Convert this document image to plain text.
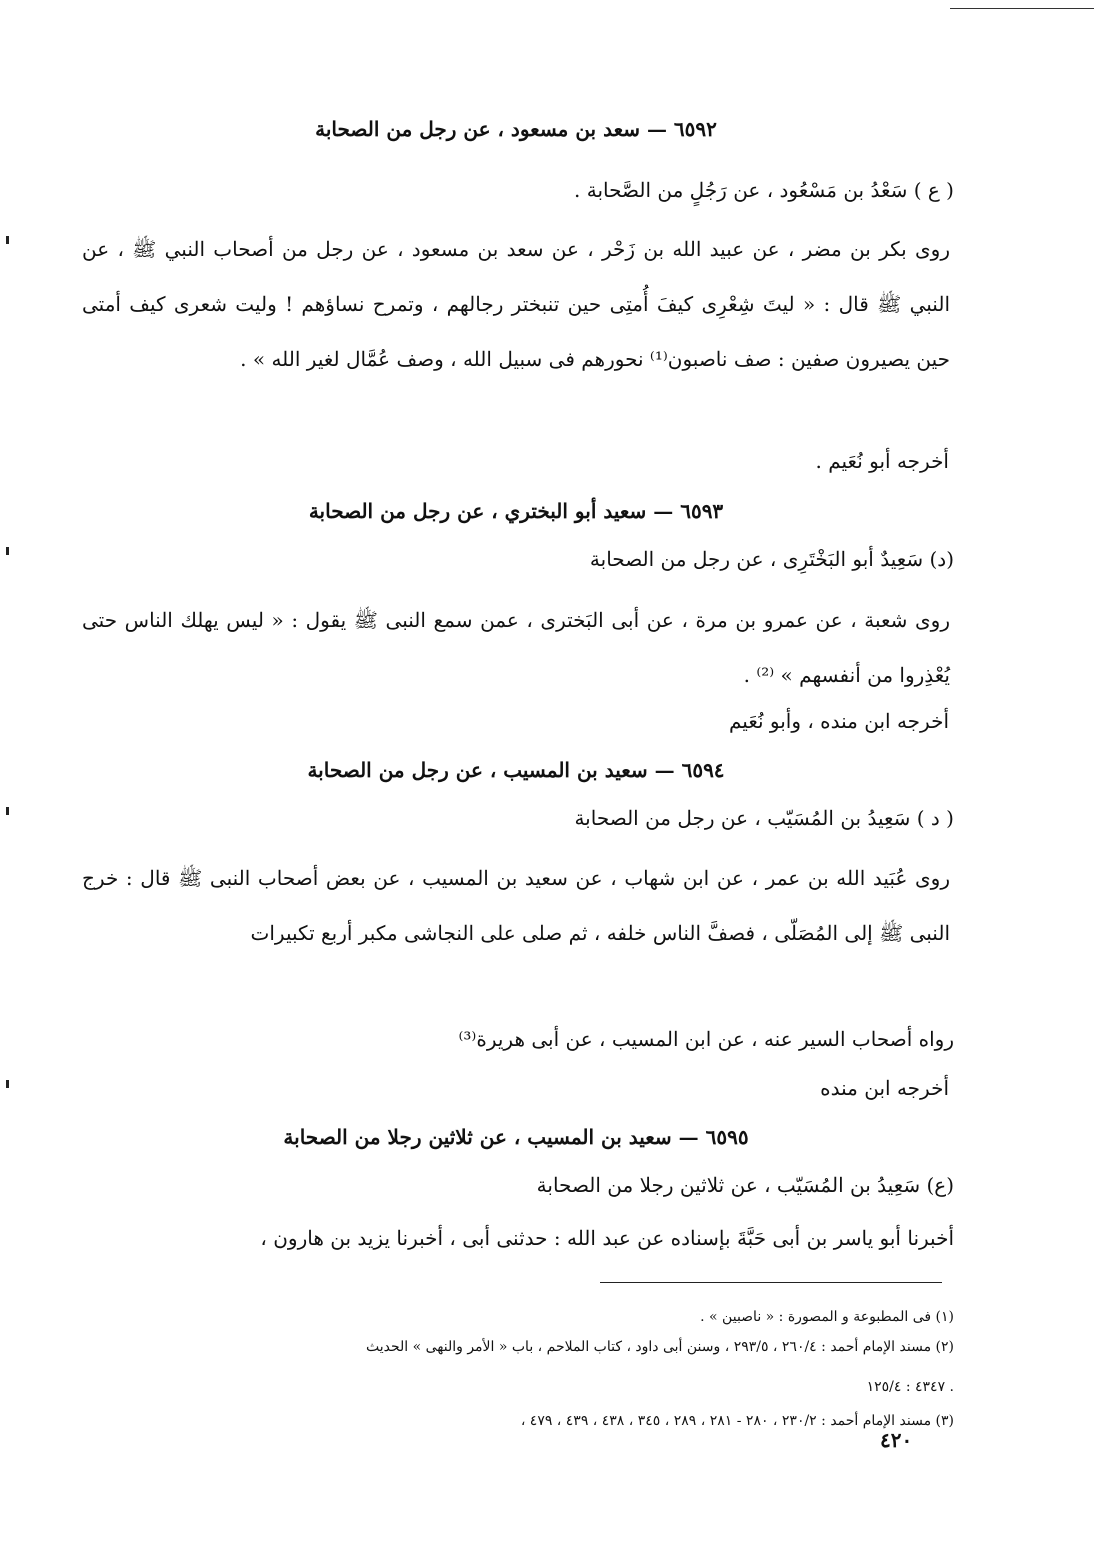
٦٥٩٢ — سعد بن مسعود ، عن رجل من الصحابة
( ع ) سَعْدُ بن مَسْعُود ، عن رَجُلٍ من الصَّحابة .
روى بكر بن مضر ، عن عبيد الله بن زَحْر ، عن سعد بن مسعود ، عن رجل من أصحاب النبي ﷺ ، عن النبي ﷺ قال : « ليتَ شِعْرِى كيفَ أُمتِى حين تنبختر رجالهم ، وتمرح نساؤهم ! وليت شعرى كيف أمتى حين يصيرون صفين : صف ناصبون⁽¹⁾ نحورهم فى سبيل الله ، وصف عُمَّال لغير الله » .
أخرجه أبو نُعَيم .
٦٥٩٣ — سعيد أبو البختري ، عن رجل من الصحابة
(د) سَعِيدٌ أبو البَخْتَرِى ، عن رجل من الصحابة
روى شعبة ، عن عمرو بن مرة ، عن أبى البَخترى ، عمن سمع النبى ﷺ يقول : « ليس يهلك الناس حتى يُعْذِروا من أنفسهم » ⁽²⁾ .
أخرجه ابن منده ، وأبو نُعَيم
٦٥٩٤ — سعيد بن المسيب ، عن رجل من الصحابة
( د ) سَعِيدُ بن المُسَيّب ، عن رجل من الصحابة
روى عُبَيد الله بن عمر ، عن ابن شهاب ، عن سعيد بن المسيب ، عن بعض أصحاب النبى ﷺ قال : خرج النبى ﷺ إلى المُصَلّى ، فصفَّ الناس خلفه ، ثم صلى على النجاشى مكبر أربع تكبيرات
رواه أصحاب السير عنه ، عن ابن المسيب ، عن أبى هريرة⁽³⁾
أخرجه ابن منده
٦٥٩٥ — سعيد بن المسيب ، عن ثلاثين رجلا من الصحابة
(ع) سَعِيدُ بن المُسَيّب ، عن ثلاثين رجلا من الصحابة
أخبرنا أبو ياسر بن أبى حَبَّةَ بإسناده عن عبد الله : حدثنى أبى ، أخبرنا يزيد بن هارون ،
(١) فى المطبوعة و المصورة : « ناصبين » .
(٢) مسند الإمام أحمد : ٢٦٠/٤ ، ٢٩٣/٥ ، وسنن أبى داود ، كتاب الملاحم ، باب « الأمر والنهى » الحديث
٤٣٤٧ : ١٢٥/٤ .
(٣) مسند الإمام أحمد : ٢٣٠/٢ ، ٢٨٠ - ٢٨١ ، ٢٨٩ ، ٣٤٥ ، ٤٣٨ ، ٤٣٩ ، ٤٧٩ ،
٤٢٠
